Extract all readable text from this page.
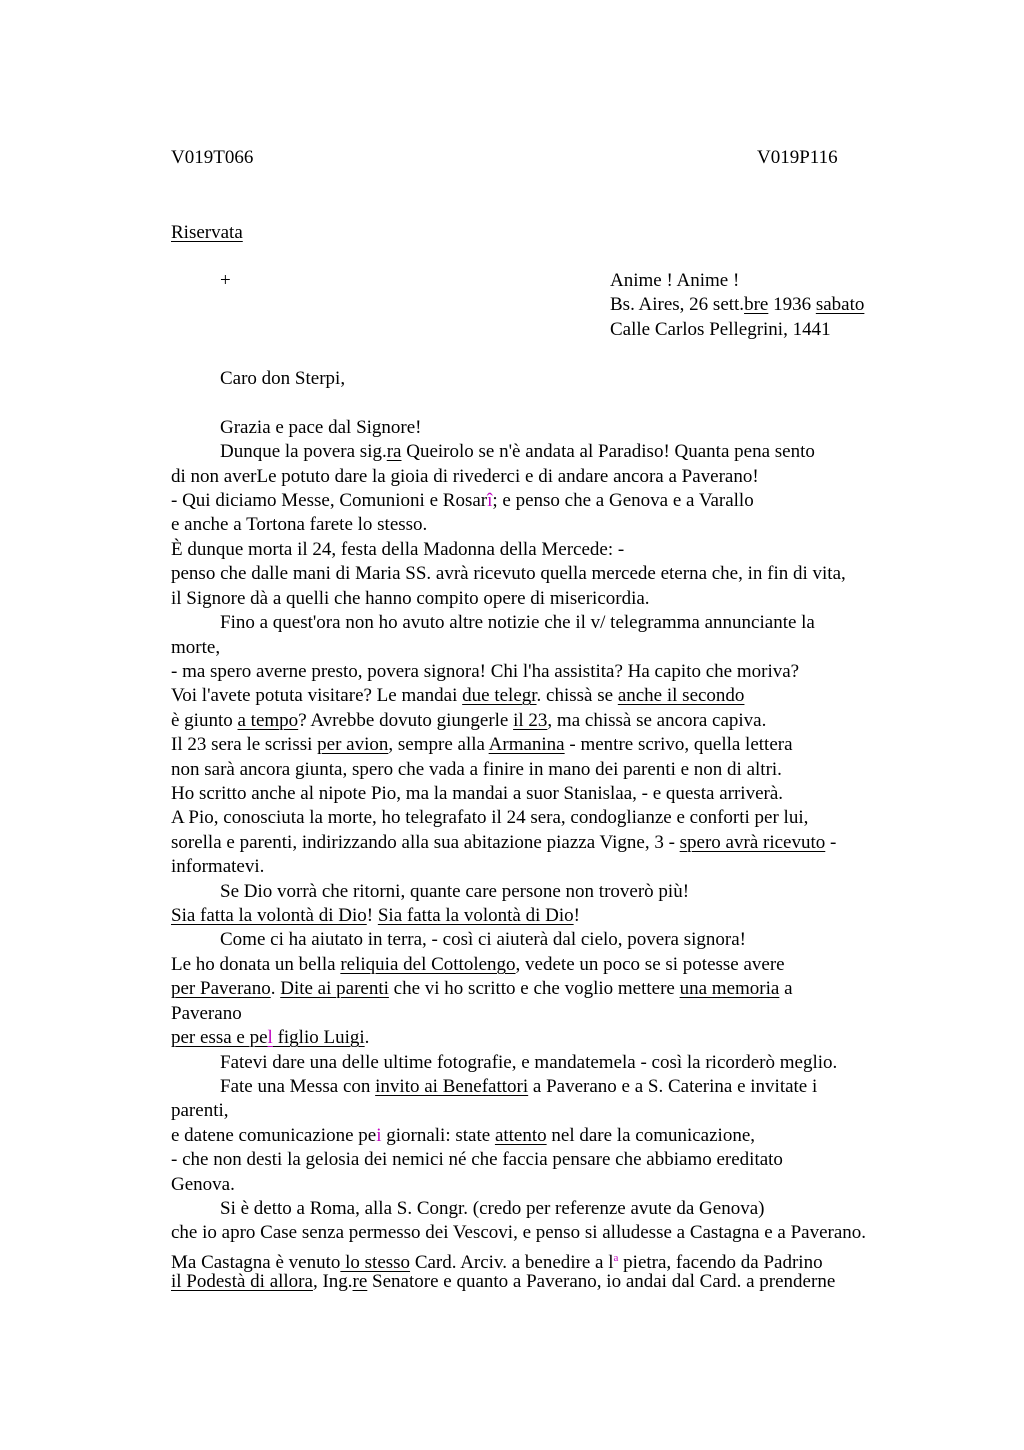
V019T066	V019P116
Riservata
+	Anime ! Anime !
Bs. Aires, 26 sett.bre 1936 sabato
Calle Carlos Pellegrini, 1441
Caro don Sterpi,
Grazia e pace dal Signore!
Dunque la povera sig.ra Queirolo se n'è andata al Paradiso! Quanta pena sento
di non averLe potuto dare la gioia di rivederci e di andare ancora a Paverano!
- Qui diciamo Messe, Comunioni e Rosarî; e penso che a Genova e a Varallo
e anche a Tortona farete lo stesso.
È dunque morta il 24, festa della Madonna della Mercede: -
penso che dalle mani di Maria SS. avrà ricevuto quella mercede eterna che, in fin di vita,
il Signore dà a quelli che hanno compito opere di misericordia.
Fino a quest'ora non ho avuto altre notizie che il v/ telegramma annunciante la
morte,
- ma spero averne presto, povera signora! Chi l'ha assistita? Ha capito che moriva?
Voi l'avete potuta visitare? Le mandai due telegr. chissà se anche il secondo
è giunto a tempo? Avrebbe dovuto giungerle il 23, ma chissà se ancora capiva.
Il 23 sera le scrissi per avion, sempre alla Armanina - mentre scrivo, quella lettera
non sarà ancora giunta, spero che vada a finire in mano dei parenti e non di altri.
Ho scritto anche al nipote Pio, ma la mandai a suor Stanislaa, - e questa arriverà.
A Pio, conosciuta la morte, ho telegrafato il 24 sera, condoglianze e conforti per lui,
sorella e parenti, indirizzando alla sua abitazione piazza Vigne, 3 - spero avrà ricevuto -
informatevi.
Se Dio vorrà che ritorni, quante care persone non troverò più!
Sia fatta la volontà di Dio! Sia fatta la volontà di Dio!
Come ci ha aiutato in terra, - così ci aiuterà dal cielo, povera signora!
Le ho donata un bella reliquia del Cottolengo, vedete un poco se si potesse avere
per Paverano. Dite ai parenti che vi ho scritto e che voglio mettere una memoria a
Paverano
per essa e pel figlio Luigi.
Fatevi dare una delle ultime fotografie, e mandatemela - così la ricorderò meglio.
Fate una Messa con invito ai Benefattori a Paverano e a S. Caterina e invitate i
parenti,
e datene comunicazione pei giornali: state attento nel dare la comunicazione,
- che non desti la gelosia dei nemici né che faccia pensare che abbiamo ereditato
Genova.
Si è detto a Roma, alla S. Congr. (credo per referenze avute da Genova)
che io apro Case senza permesso dei Vescovi, e penso si alludesse a Castagna e a Paverano.
Ma Castagna è venuto lo stesso Card. Arciv. a benedire a $l^a$ pietra, facendo da Padrino
il Podestà di allora, Ing.re Senatore e quanto a Paverano, io andai dal Card. a prenderne
